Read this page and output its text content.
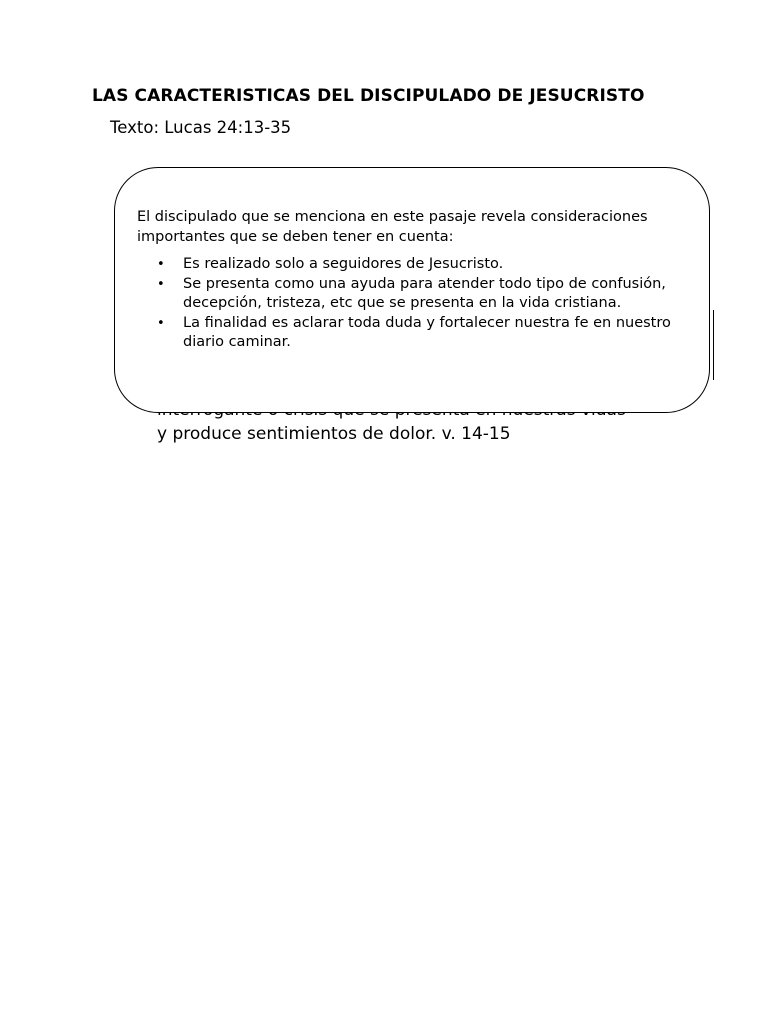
LAS CARACTERISTICAS DEL DISCIPULADO DE JESUCRISTO
Texto: Lucas 24:13-35
y produce sentimientos de dolor. v. 14-15

El discipulado que se menciona en este pasaje revela consideraciones importantes que se deben tener en cuenta:

• Es realizado solo a seguidores de Jesucristo.
• Se presenta como una ayuda para atender todo tipo de confusión, decepción, tristeza, etc que se presenta en la vida cristiana.
• La finalidad es aclarar toda duda y fortalecer nuestra fe en nuestro diario caminar.
